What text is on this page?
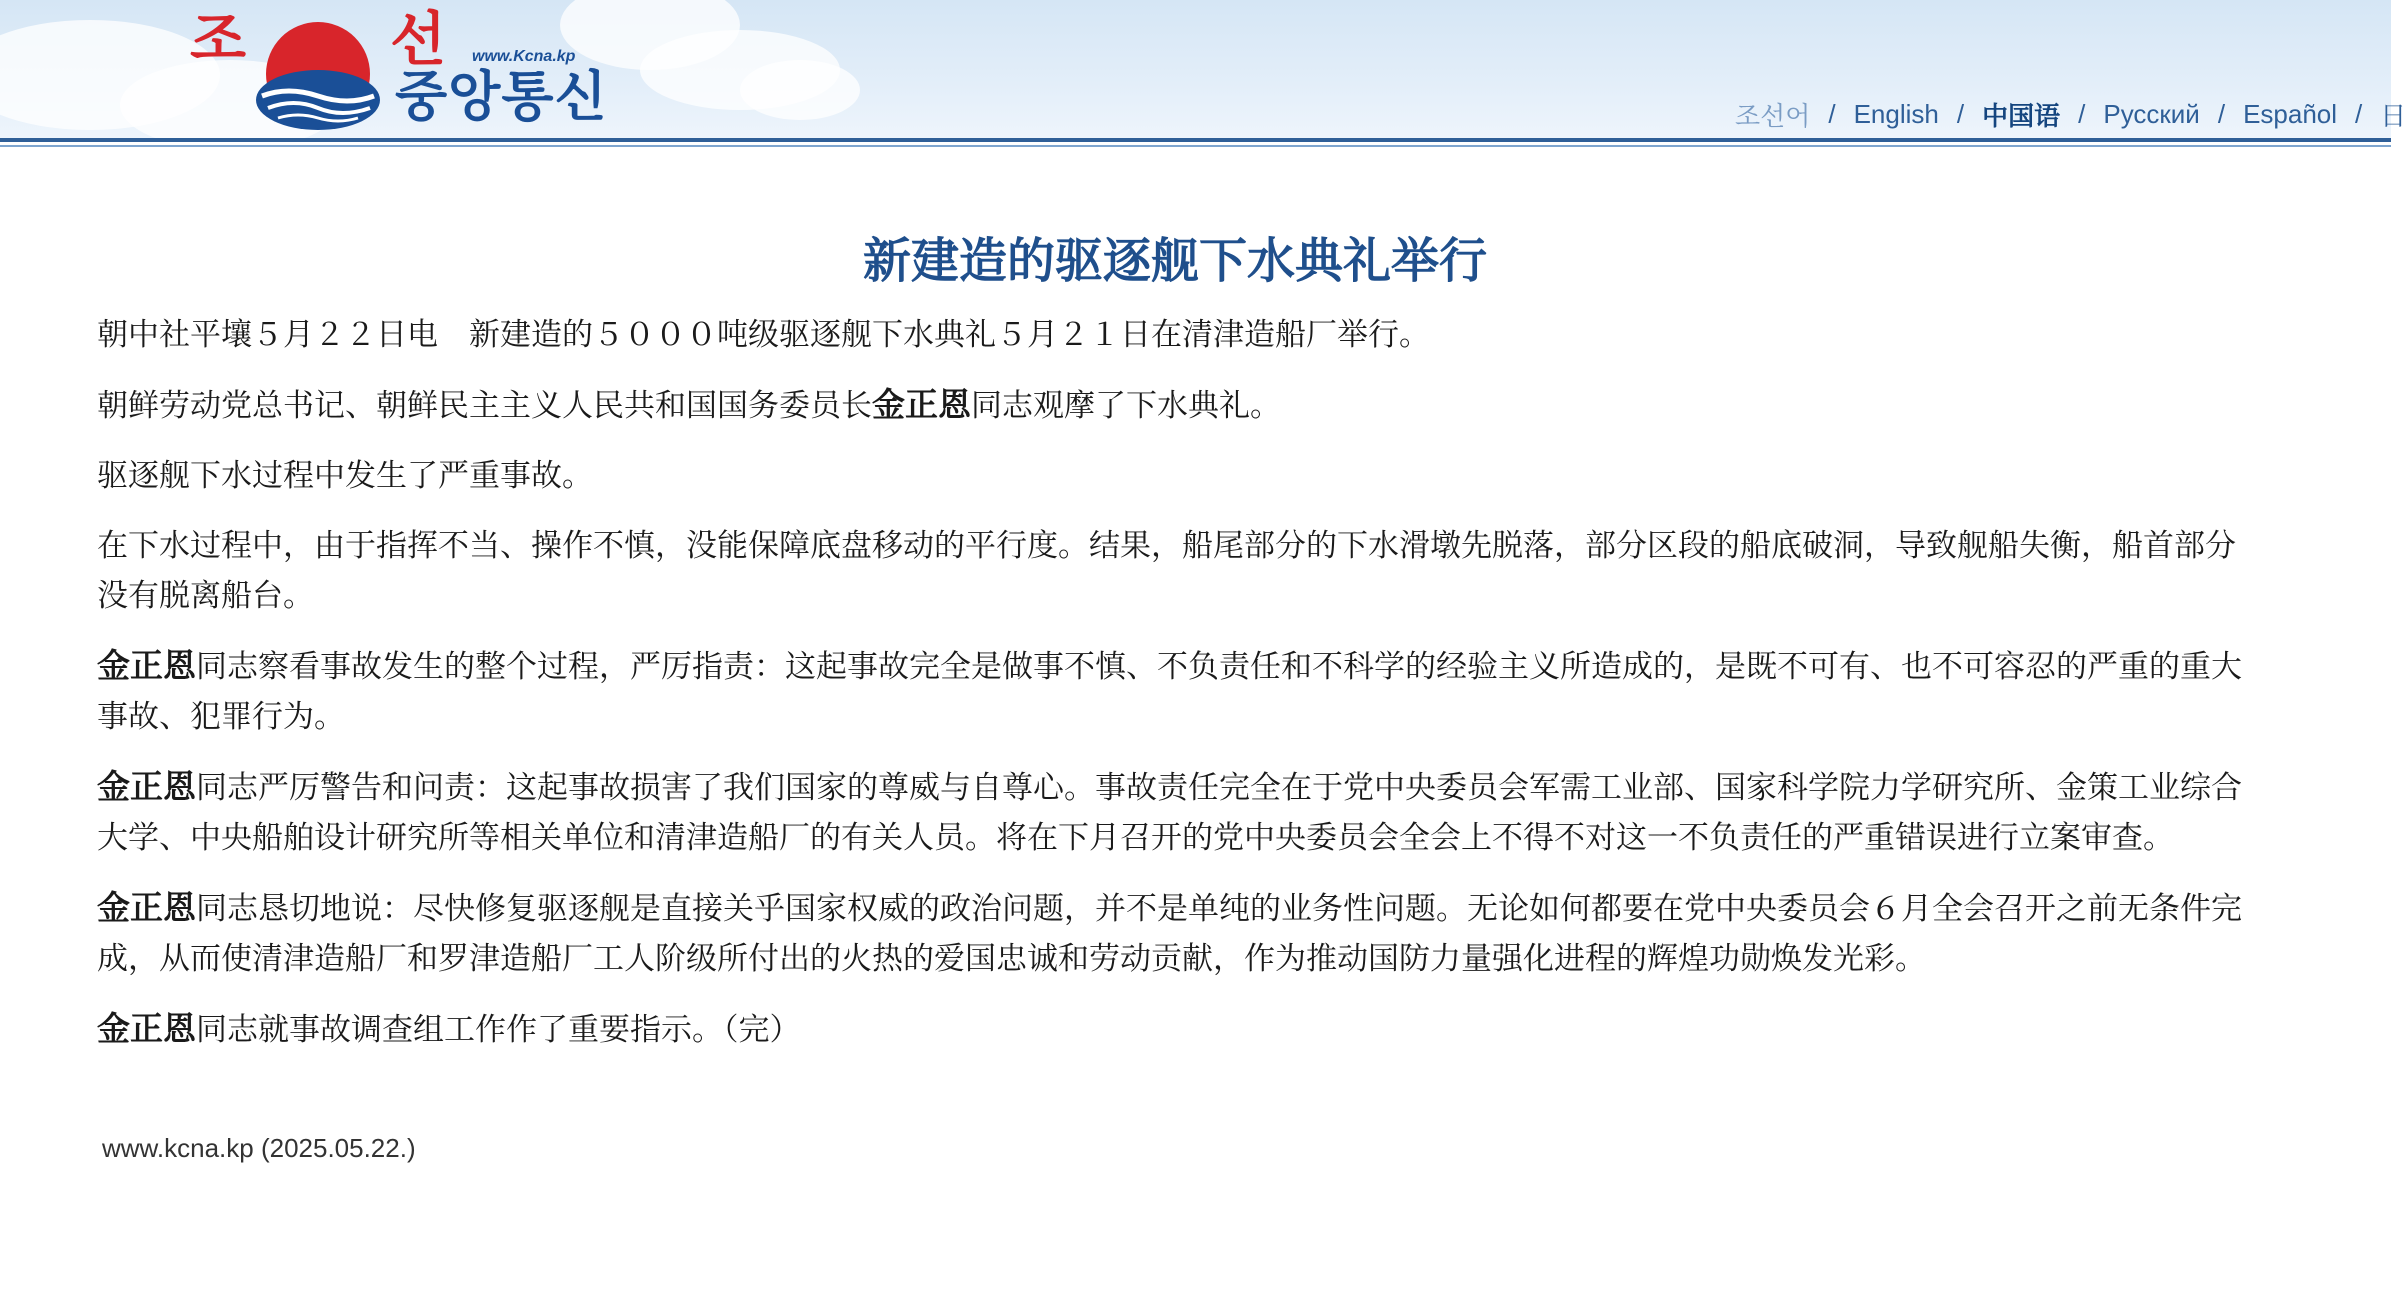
조 선 www.Kcna.kp
중앙통신	조선어 / English / 中国语 / Русский / Español / 日
新建造的驱逐舰下水典礼举行

朝中社平壤５月２２日电　新建造的５０００吨级驱逐舰下水典礼５月２１日在清津造船厂举行。

朝鲜劳动党总书记、朝鲜民主主义人民共和国国务委员长金正恩同志观摩了下水典礼。

驱逐舰下水过程中发生了严重事故。

在下水过程中，由于指挥不当、操作不慎，没能保障底盘移动的平行度。结果，船尾部分的下水滑墩先脱落，部分区段的船底破洞，导致舰船失衡，船首部分没有脱离船台。

金正恩同志察看事故发生的整个过程，严厉指责：这起事故完全是做事不慎、不负责任和不科学的经验主义所造成的，是既不可有、也不可容忍的严重的重大事故、犯罪行为。

金正恩同志严厉警告和问责：这起事故损害了我们国家的尊威与自尊心。事故责任完全在于党中央委员会军需工业部、国家科学院力学研究所、金策工业综合大学、中央船舶设计研究所等相关单位和清津造船厂的有关人员。将在下月召开的党中央委员会全会上不得不对这一不负责任的严重错误进行立案审查。

金正恩同志恳切地说：尽快修复驱逐舰是直接关乎国家权威的政治问题，并不是单纯的业务性问题。无论如何都要在党中央委员会６月全会召开之前无条件完成，从而使清津造船厂和罗津造船厂工人阶级所付出的火热的爱国忠诚和劳动贡献，作为推动国防力量强化进程的辉煌功勋焕发光彩。

金正恩同志就事故调查组工作作了重要指示。（完）

www.kcna.kp (2025.05.22.)
